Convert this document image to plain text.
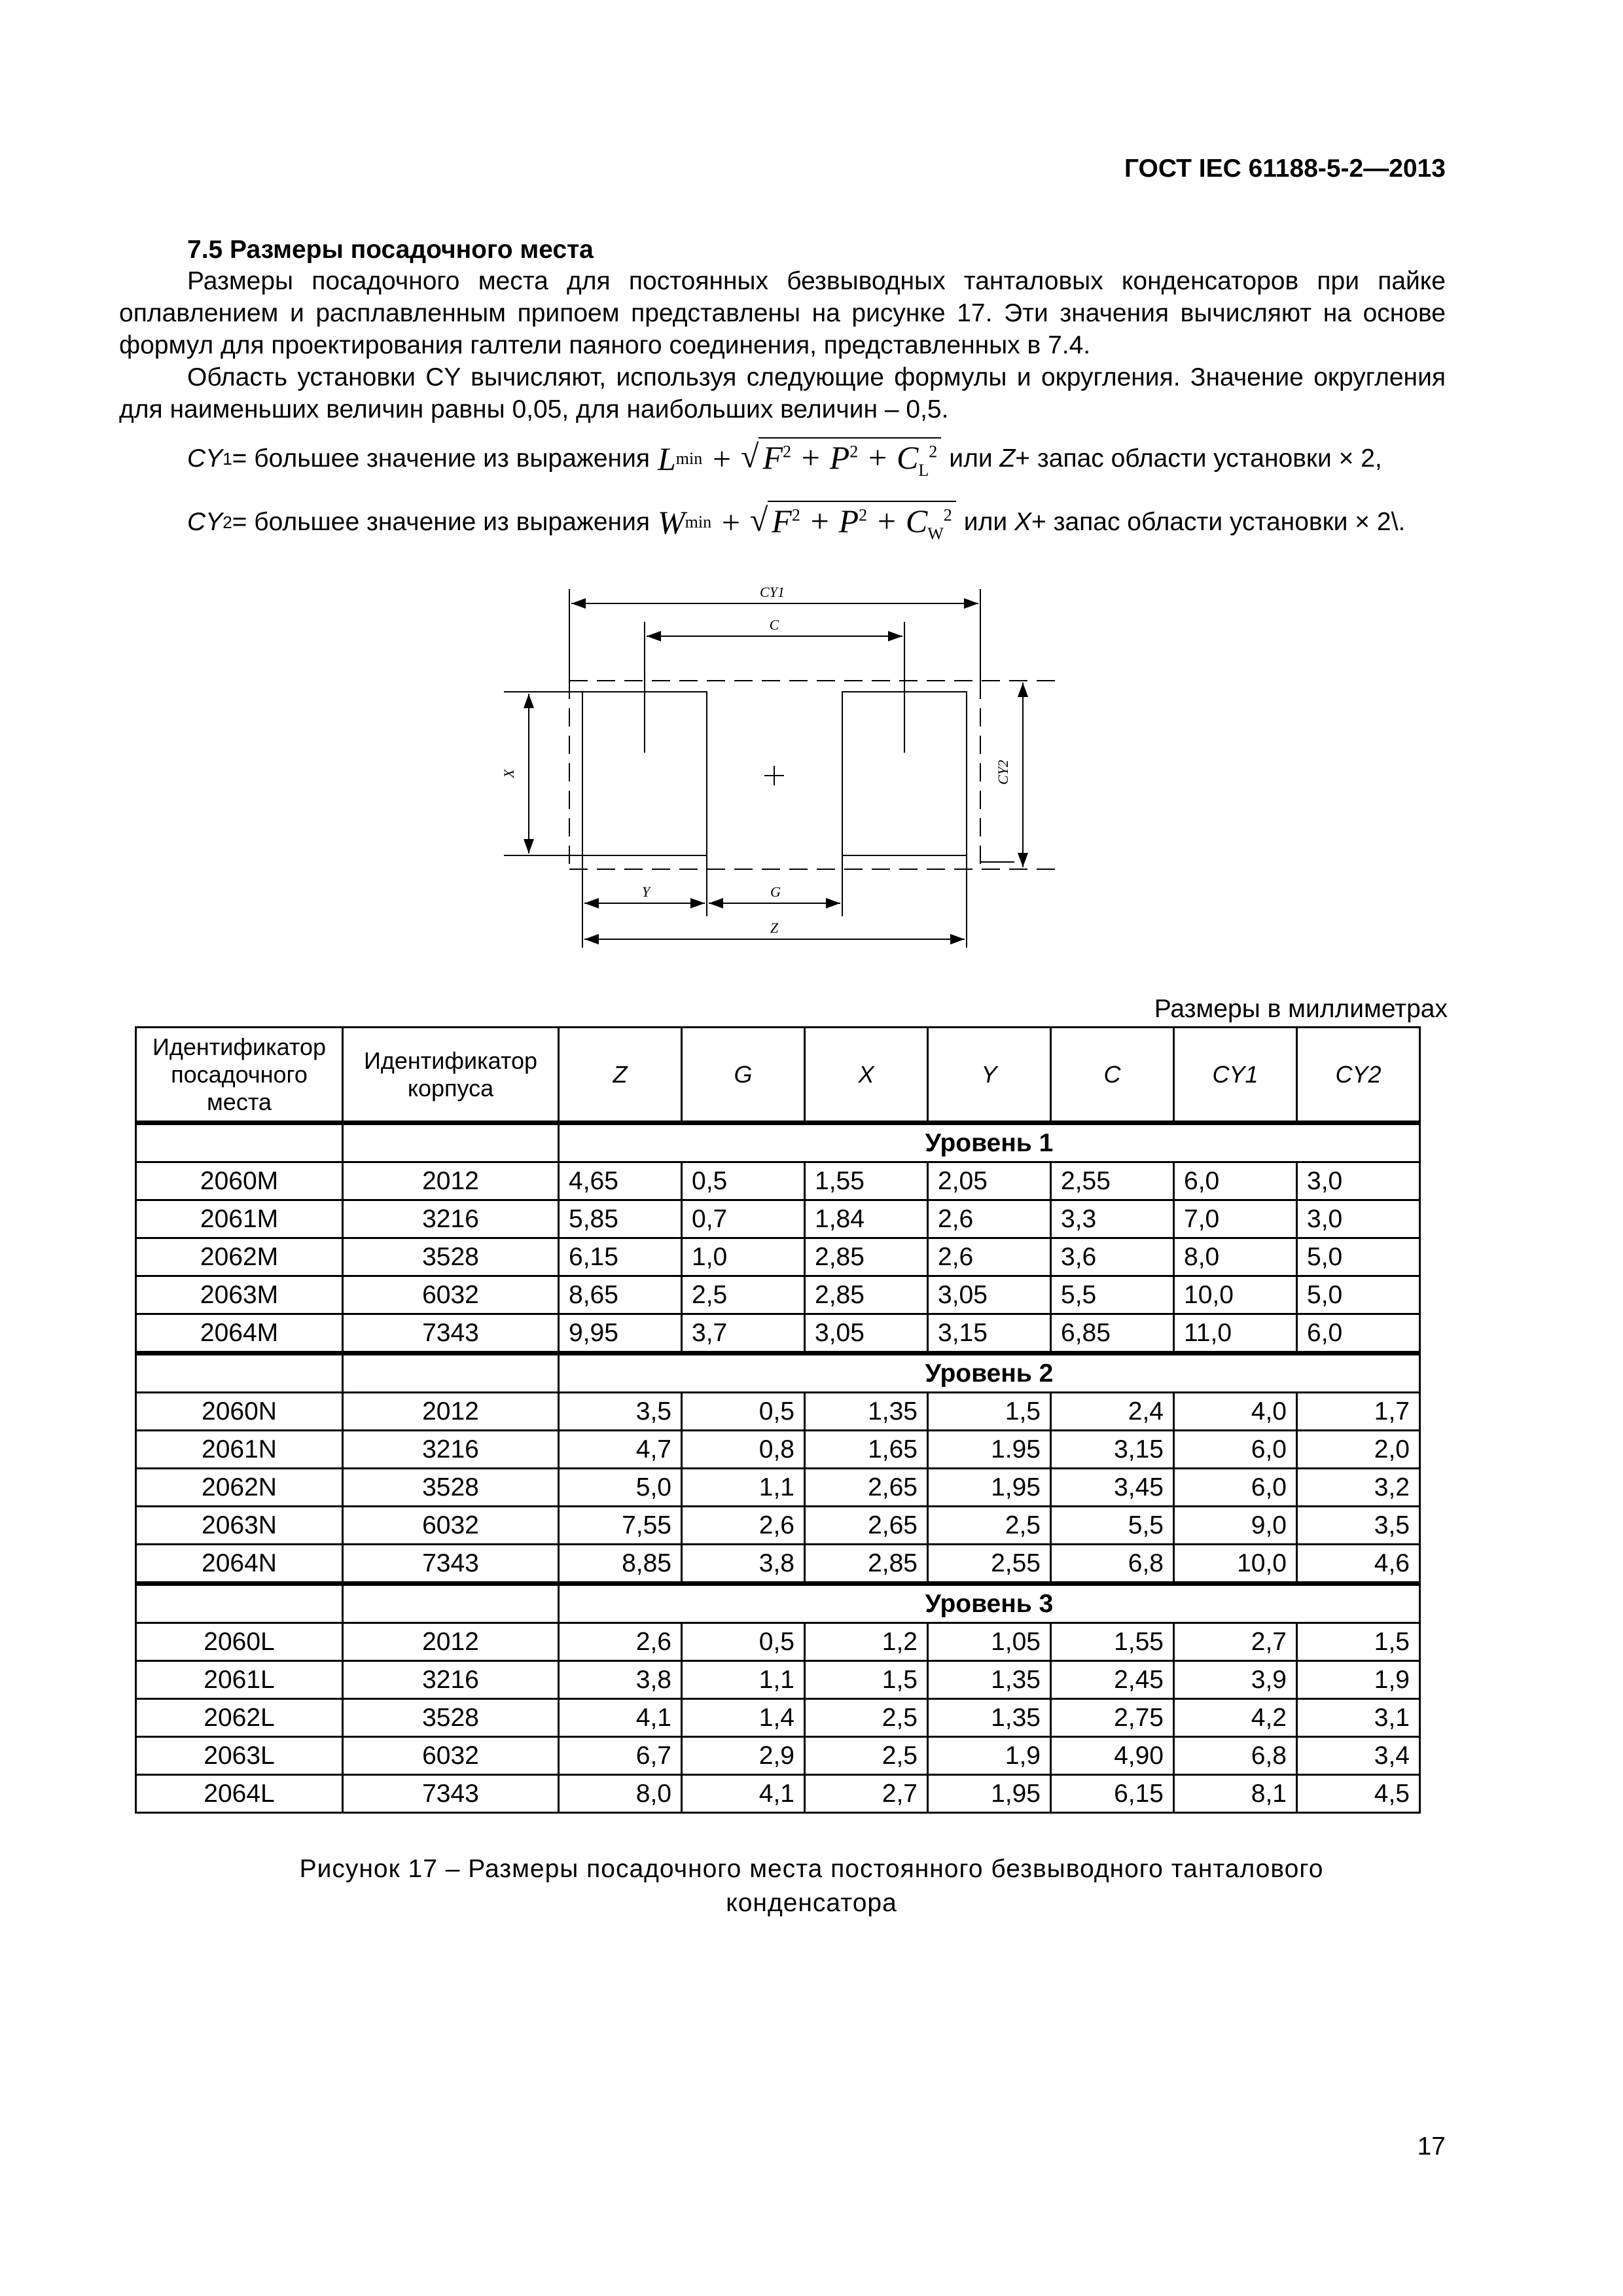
ГОСТ IEC 61188-5-2—2013
7.5 Размеры посадочного места
Размеры посадочного места для постоянных безвыводных танталовых конденсаторов при пайке оплавлением и расплавленным припоем представлены на рисунке 17. Эти значения вычисляют на основе формул для проектирования галтели паяного соединения, представленных в 7.4.
Область установки CY вычисляют, используя следующие формулы и округления. Значение округления для наименьших величин равны 0,05, для наибольших величин – 0,5.
CY 1 = большее значение из выражения L min + √ $F^2 + P^2 + C_L^2$ или
Z + запас области установки × 2,
CY 2 = большее значение из выражения W min + √ $F^2 + P^2 + C_W^2$ или
X + запас области установки × 2\.
CY1
C
Y	G
Z
X	CY2
Размеры в миллиметрах
Идентификатор посадочного места	Идентификатор корпуса	Z	G	X	Y	C	CY1	CY2
		Уровень 1						
2060M	2012	4,65	0,5	1,55	2,05	2,55	6,0	3,0
2061M	3216	5,85	0,7	1,84	2,6	3,3	7,0	3,0
2062M	3528	6,15	1,0	2,85	2,6	3,6	8,0	5,0
2063M	6032	8,65	2,5	2,85	3,05	5,5	10,0	5,0
2064M	7343	9,95	3,7	3,05	3,15	6,85	11,0	6,0
		Уровень 2						
2060N	2012	3,5	0,5	1,35	1,5	2,4	4,0	1,7
2061N	3216	4,7	0,8	1,65	1.95	3,15	6,0	2,0
2062N	3528	5,0	1,1	2,65	1,95	3,45	6,0	3,2
2063N	6032	7,55	2,6	2,65	2,5	5,5	9,0	3,5
2064N	7343	8,85	3,8	2,85	2,55	6,8	10,0	4,6
		Уровень 3						
2060L	2012	2,6	0,5	1,2	1,05	1,55	2,7	1,5
2061L	3216	3,8	1,1	1,5	1,35	2,45	3,9	1,9
2062L	3528	4,1	1,4	2,5	1,35	2,75	4,2	3,1
2063L	6032	6,7	2,9	2,5	1,9	4,90	6,8	3,4
2064L	7343	8,0	4,1	2,7	1,95	6,15	8,1	4,5
Рисунок 17 – Размеры посадочного места постоянного безвыводного танталового
конденсатора
17
